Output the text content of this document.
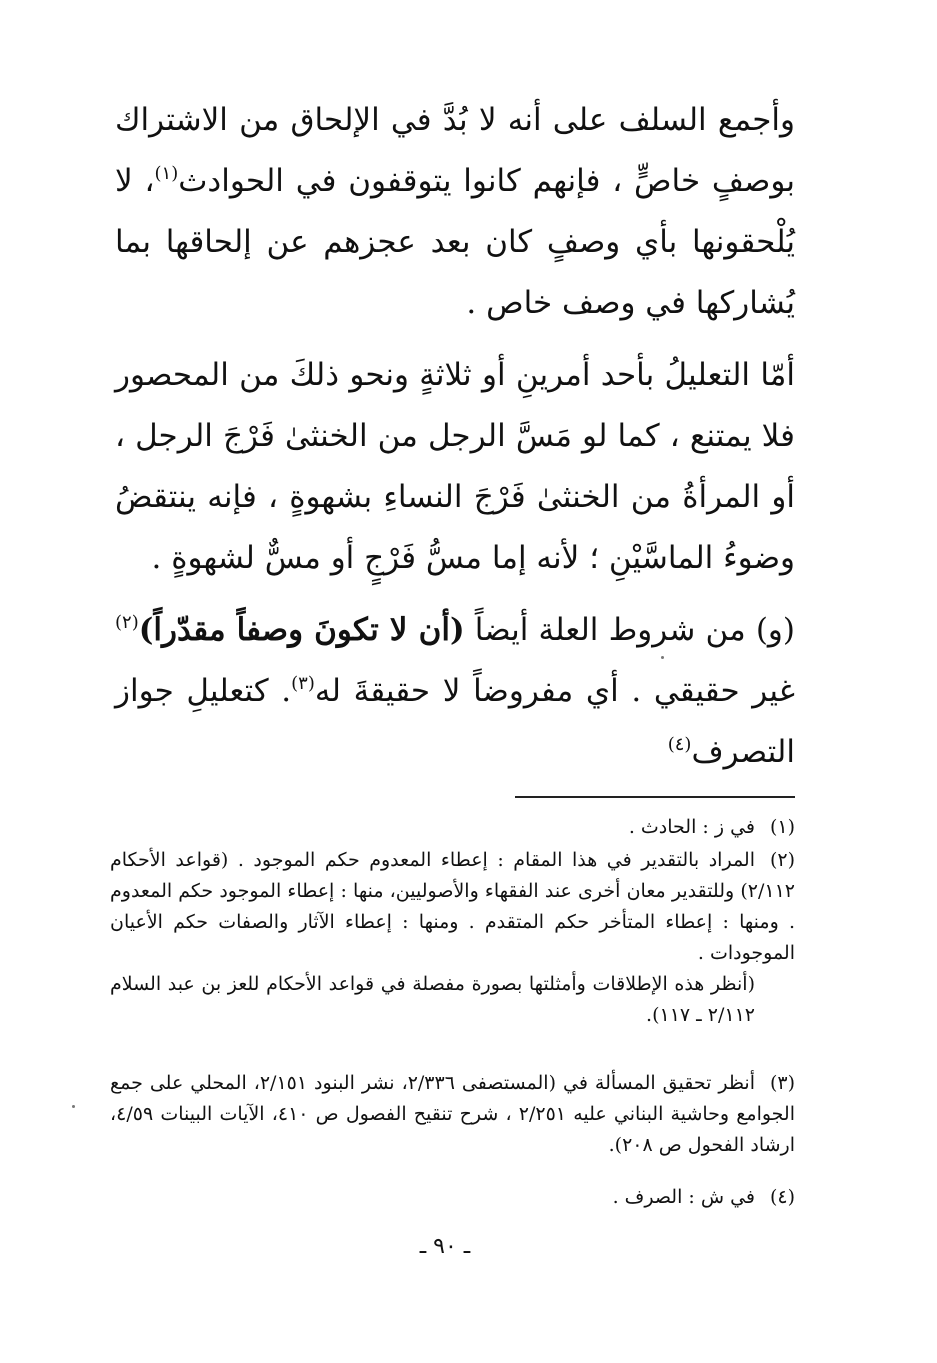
وأجمع السلف على أنه لا بُدَّ في الإلحاق من الاشتراك بوصفٍ خاصٍّ ، فإنهم كانوا يتوقفون في الحوادث$^{(١)}$، لا يُلْحقونها بأي وصفٍ كان بعد عجزهم عن إلحاقها بما يُشاركها في وصف خاص .

أمّا التعليلُ بأحد أمرينِ أو ثلاثةٍ ونحو ذلكَ من المحصور فلا يمتنع ، كما لو مَسَّ الرجل من الخنثىٰ فَرْجَ الرجل ، أو المرأةُ من الخنثىٰ فَرْجَ النساءِ بشهوةٍ ، فإنه ينتقضُ وضوءُ الماسَّيْنِ ؛ لأنه إما مسُّ فَرْجٍ أو مسٌّ لشهوةٍ .

(و) من شروط العلة أيضاً (أن لا تكونَ وصفاً مقدّراً)$^{(٢)}$ غير حقيقي . أي مفروضاً لا حقيقةَ له$^{(٣)}$. كتعليلِ جواز التصرف$^{(٤)}$

(١)في ز : الحادث .
(٢)المراد بالتقدير في هذا المقام : إعطاء المعدوم حكم الموجود . (قواعد الأحكام ٢/١١٢) وللتقدير معان أخرى عند الفقهاء والأصوليين، منها : إعطاء الموجود حكم المعدوم . ومنها : إعطاء المتأخر حكم المتقدم . ومنها : إعطاء الآثار والصفات حكم الأعيان الموجودات .
(أنظر هذه الإطلاقات وأمثلتها بصورة مفصلة في قواعد الأحكام للعز بن عبد السلام ٢/١١٢ ـ ١١٧).
(٣)أنظر تحقيق المسألة في (المستصفى ٢/٣٣٦، نشر البنود ٢/١٥١، المحلي على جمع الجوامع وحاشية البناني عليه ٢/٢٥١ ، شرح تنقيح الفصول ص ٤١٠، الآيات البينات ٤/٥٩، ارشاد الفحول ص ٢٠٨).
(٤)في ش : الصرف .
ـ ٩٠ ـ
